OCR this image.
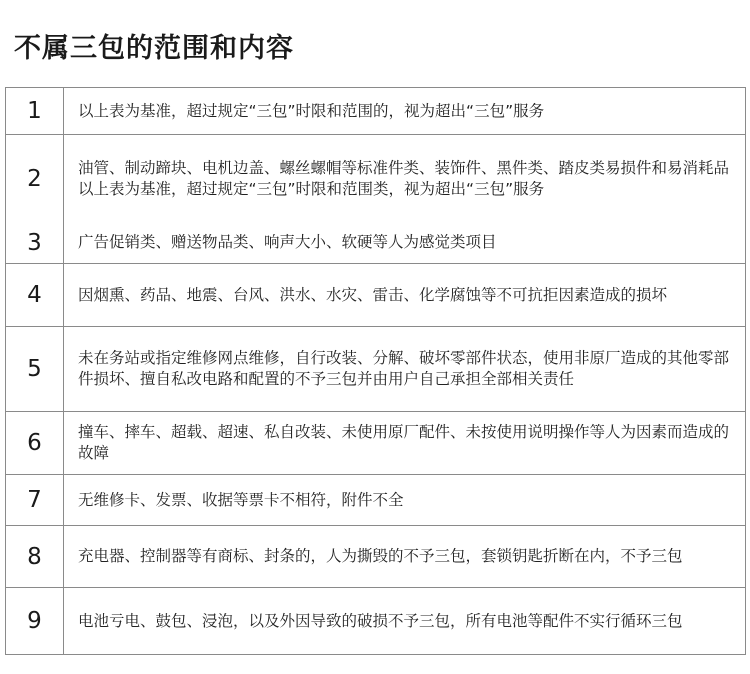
不属三包的范围和内容
1	以上表为基准，超过规定“三包”时限和范围的，视为超出“三包”服务
2	油管、制动蹄块、电机边盖、螺丝螺帽等标准件类、装饰件、黑件类、踏皮类易损件和易消耗品以上表为基准，超过规定“三包”时限和范围类，视为超出“三包”服务
3	广告促销类、赠送物品类、响声大小、软硬等人为感觉类项目
4	因烟熏、药品、地震、台风、洪水、水灾、雷击、化学腐蚀等不可抗拒因素造成的损坏
5	未在务站或指定维修网点维修，自行改装、分解、破坏零部件状态，使用非原厂造成的其他零部件损坏、擅自私改电路和配置的不予三包并由用户自己承担全部相关责任
6	撞车、摔车、超载、超速、私自改装、未使用原厂配件、未按使用说明操作等人为因素而造成的故障
7	无维修卡、发票、收据等票卡不相符，附件不全
8	充电器、控制器等有商标、封条的，人为撕毁的不予三包，套锁钥匙折断在内，不予三包
9	电池亏电、鼓包、浸泡，以及外因导致的破损不予三包，所有电池等配件不实行循环三包
